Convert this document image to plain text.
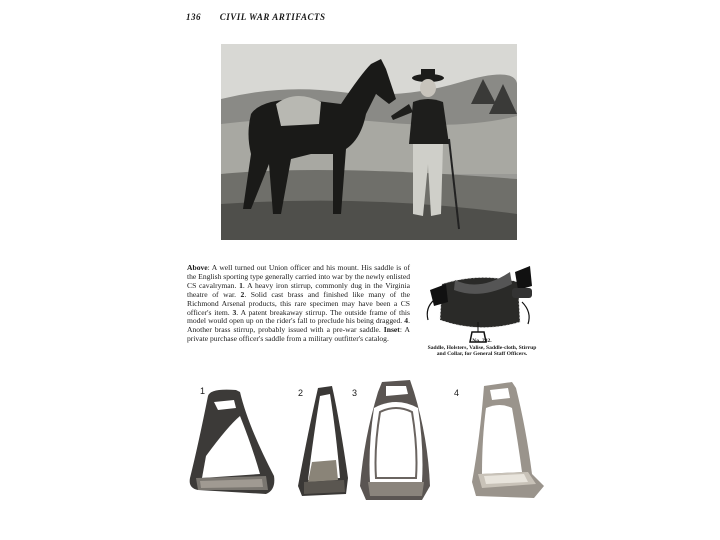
136 CIVIL WAR ARTIFACTS
Above: A well turned out Union officer and his mount. His saddle is of the English sporting type generally carried into war by the newly enlisted CS cavalryman. 1. A heavy iron stirrup, commonly dug in the Virginia theatre of war. 2. Solid cast brass and finished like many of the Richmond Arsenal products, this rare specimen may have been a CS officer's item. 3. A patent breakaway stirrup. The outside frame of this model would open up on the rider's fall to preclude his being dragged. 4. Another brass stirrup, probably issued with a pre-war saddle. Inset: A private purchase officer's saddle from a military outfitter's catalog.	No. 232.
Saddle, Holsters, Valise, Saddle-cloth, Stirrup
and Collar, for General Staff Officers.
1	2	3	4
